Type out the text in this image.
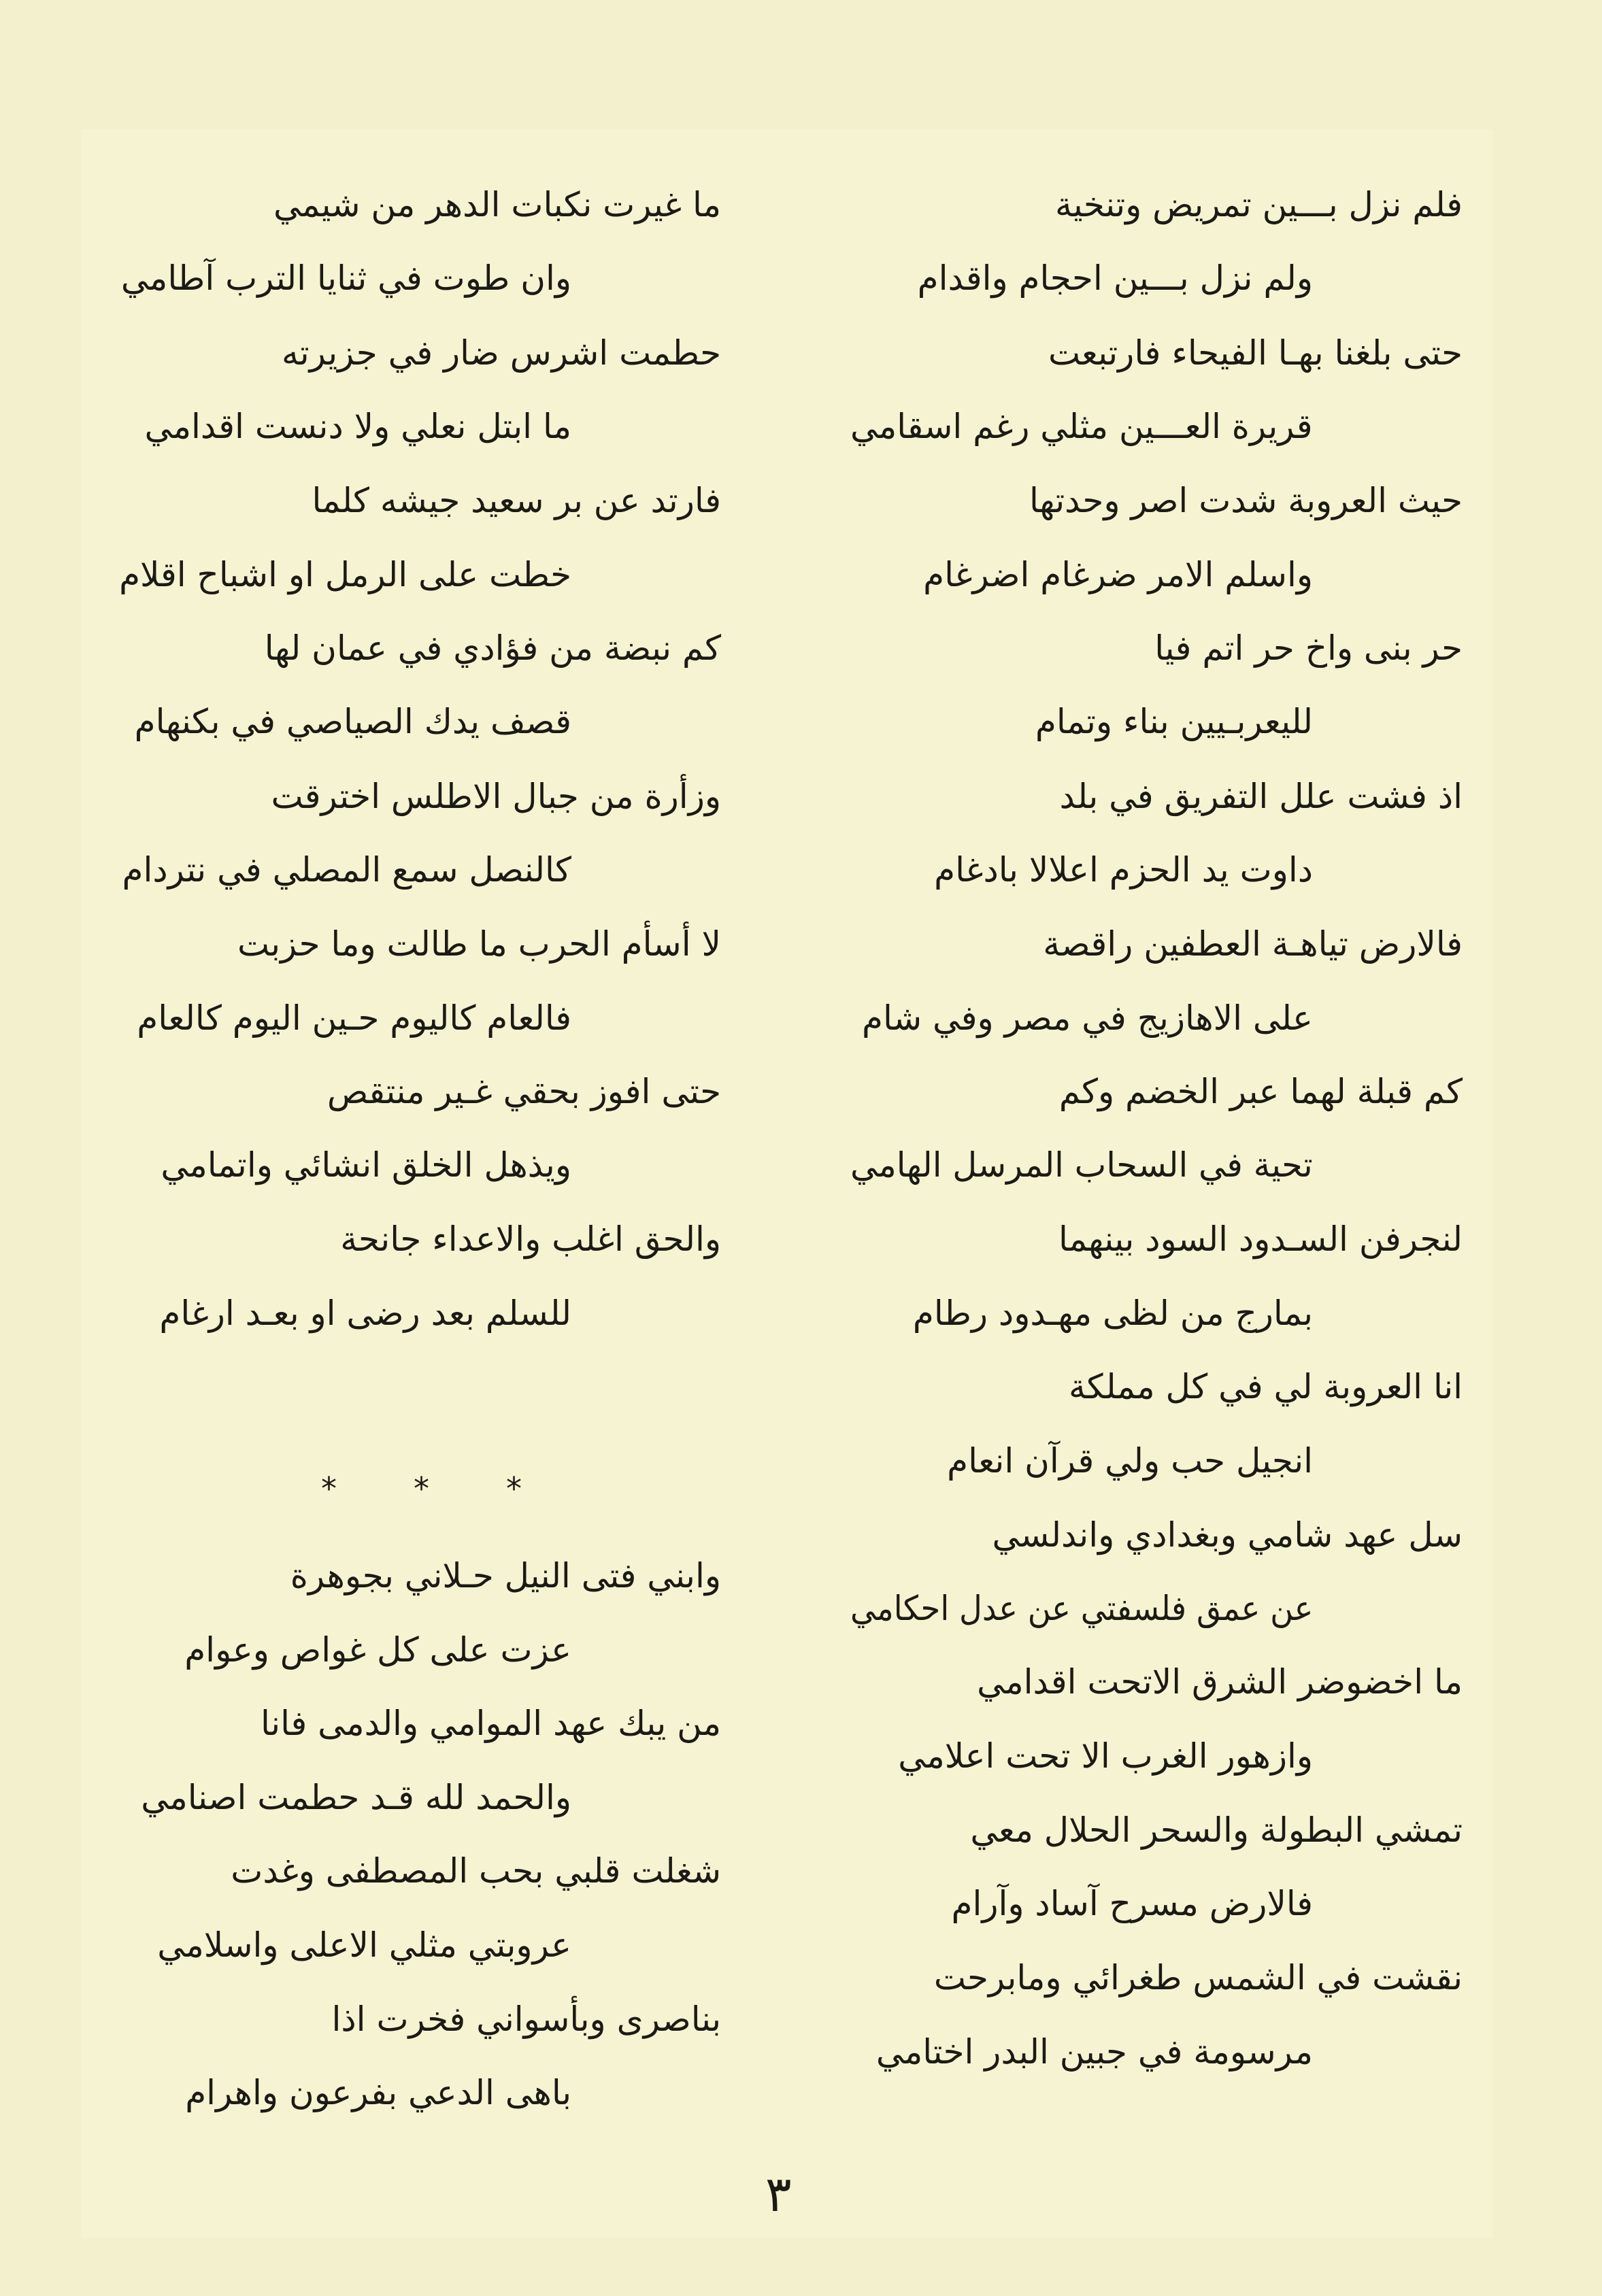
فلم نزل بـــين تمريض وتنخية
ولم نزل بـــين احجام واقدام
حتى بلغنا بهـا الفيحاء فارتبعت
قريرة العـــين مثلي رغم اسقامي
حيث العروبة شدت اصر وحدتها
واسلم الامر ضرغام اضرغام
حر بنى واخ حر اتم فيا
لليعربـيين بناء وتمام
اذ فشت علل التفريق في بلد
داوت يد الحزم اعلالا بادغام
فالارض تياهـة العطفين راقصة
على الاهازيج في مصر وفي شام
كم قبلة لهما عبر الخضم وكم
تحية في السحاب المرسل الهامي
لنجرفن السـدود السود بينهما
بمارج من لظى مهـدود رطام
انا العروبة لي في كل مملكة
انجيل حب ولي قرآن انعام
سل عهد شامي وبغدادي واندلسي
عن عمق فلسفتي عن عدل احكامي
ما اخضوضر الشرق الاتحت اقدامي
وازهور الغرب الا تحت اعلامي
تمشي البطولة والسحر الحلال معي
فالارض مسرح آساد وآرام
نقشت في الشمس طغرائي ومابرحت
مرسومة في جبين البدر اختامي
ما غيرت نكبات الدهر من شيمي
وان طوت في ثنايا الترب آطامي
حطمت اشرس ضار في جزيرته
ما ابتل نعلي ولا دنست اقدامي
فارتد عن بر سعيد جيشه كلما
خطت على الرمل او اشباح اقلام
كم نبضة من فؤادي في عمان لها
قصف يدك الصياصي في بكنهام
وزأرة من جبال الاطلس اخترقت
كالنصل سمع المصلي في نتردام
لا أسأم الحرب ما طالت وما حزبت
فالعام كاليوم حـين اليوم كالعام
حتى افوز بحقي غـير منتقص
ويذهل الخلق انشائي واتمامي
والحق اغلب والاعداء جانحة
للسلم بعد رضى او بعـد ارغام
* * *
وابني فتى النيل حـلاني بجوهرة
عزت على كل غواص وعوام
من يبك عهد الموامي والدمى فانا
والحمد لله قـد حطمت اصنامي
شغلت قلبي بحب المصطفى وغدت
عروبتي مثلي الاعلى واسلامي
بناصرى وبأسواني فخرت اذا
باهى الدعي بفرعون واهرام
٣
